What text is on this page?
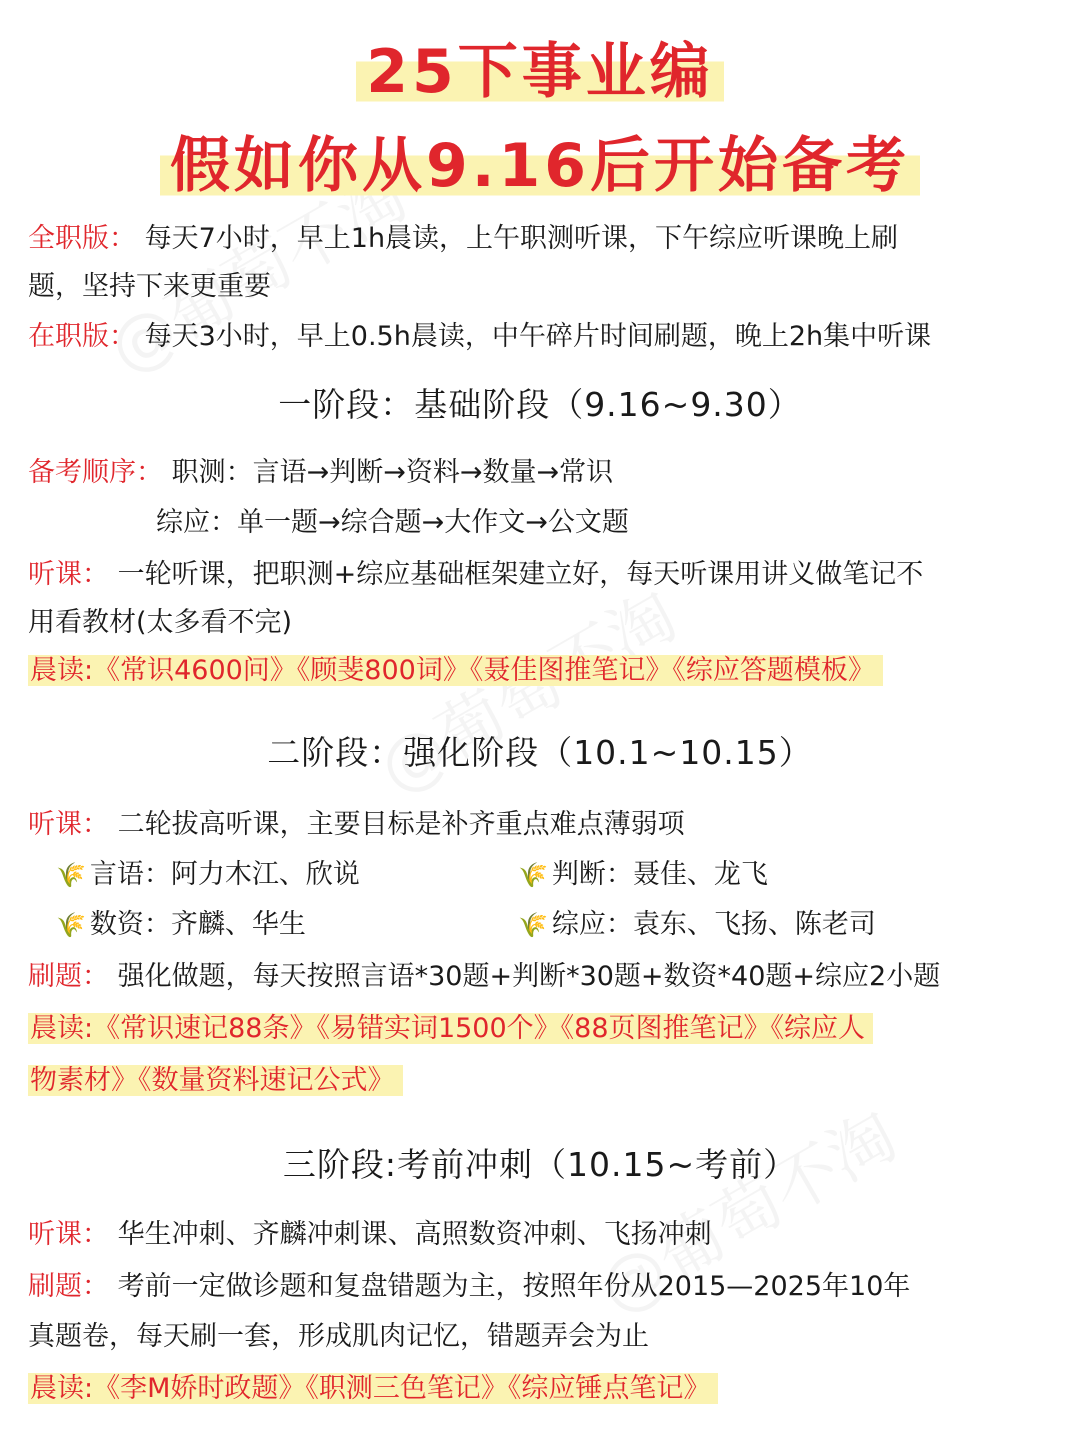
25下事业编
假如你从9.16后开始备考
全职版： 每天7小时，早上1h晨读，上午职测听课，下午综应听课晚上刷
题，坚持下来更重要
在职版： 每天3小时，早上0.5h晨读，中午碎片时间刷题，晚上2h集中听课
一阶段：基础阶段（9.16~9.30）
备考顺序： 职测：言语→判断→资料→数量→常识
综应：单一题→综合题→大作文→公文题
听课： 一轮听课，把职测+综应基础框架建立好，每天听课用讲义做笔记不
用看教材(太多看不完)
晨读:《常识4600问》《顾斐800词》《聂佳图推笔记》《综应答题模板》
二阶段：强化阶段（10.1~10.15）
听课： 二轮拔高听课，主要目标是补齐重点难点薄弱项
🌾 言语：阿力木江、欣说	🌾 判断：聂佳、龙飞
🌾 数资：齐麟、华生	🌾 综应：袁东、飞扬、陈老司
刷题： 强化做题，每天按照言语*30题+判断*30题+数资*40题+综应2小题
晨读:《常识速记88条》《易错实词1500个》《88页图推笔记》《综应人
物素材》《数量资料速记公式》
三阶段:考前冲刺（10.15~考前）
听课： 华生冲刺、齐麟冲刺课、高照数资冲刺、飞扬冲刺
刷题： 考前一定做诊题和复盘错题为主，按照年份从2015—2025年10年
真题卷，每天刷一套，形成肌肉记忆，错题弄会为止
晨读:《李M娇时政题》《职测三色笔记》《综应锤点笔记》
